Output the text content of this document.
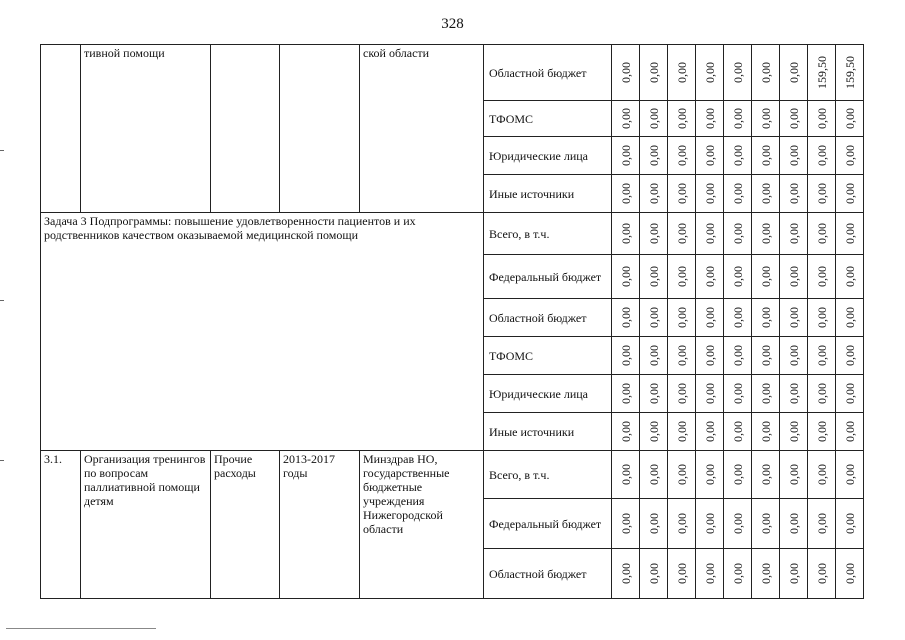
328
	тивной помощи			ской области	Областной бюджет	0,00	0,00	0,00	0,00	0,00	0,00	0,00	159,50	159,50

					ТФОМС	0,00	0,00	0,00	0,00	0,00	0,00	0,00	0,00	0,00

					Юридические лица	0,00	0,00	0,00	0,00	0,00	0,00	0,00	0,00	0,00

					Иные источники	0,00	0,00	0,00	0,00	0,00	0,00	0,00	0,00	0,00

Задача 3 Подпрограммы: повышение удовлетворенности пациентов и их родственников качеством оказываемой медицинской помощи					Всего, в т.ч.	0,00	0,00	0,00	0,00	0,00	0,00	0,00	0,00	0,00

					Федеральный бюджет	0,00	0,00	0,00	0,00	0,00	0,00	0,00	0,00	0,00

					Областной бюджет	0,00	0,00	0,00	0,00	0,00	0,00	0,00	0,00	0,00

					ТФОМС	0,00	0,00	0,00	0,00	0,00	0,00	0,00	0,00	0,00

					Юридические лица	0,00	0,00	0,00	0,00	0,00	0,00	0,00	0,00	0,00

					Иные источники	0,00	0,00	0,00	0,00	0,00	0,00	0,00	0,00	0,00

3.1.	Организация тренингов по вопросам паллиативной помощи детям	Прочие расходы	2013-2017 годы	Минздрав НО, государственные бюджетные учреждения Нижегородской области	Всего, в т.ч.	0,00	0,00	0,00	0,00	0,00	0,00	0,00	0,00	0,00

					Федеральный бюджет	0,00	0,00	0,00	0,00	0,00	0,00	0,00	0,00	0,00

					Областной бюджет	0,00	0,00	0,00	0,00	0,00	0,00	0,00	0,00	0,00
